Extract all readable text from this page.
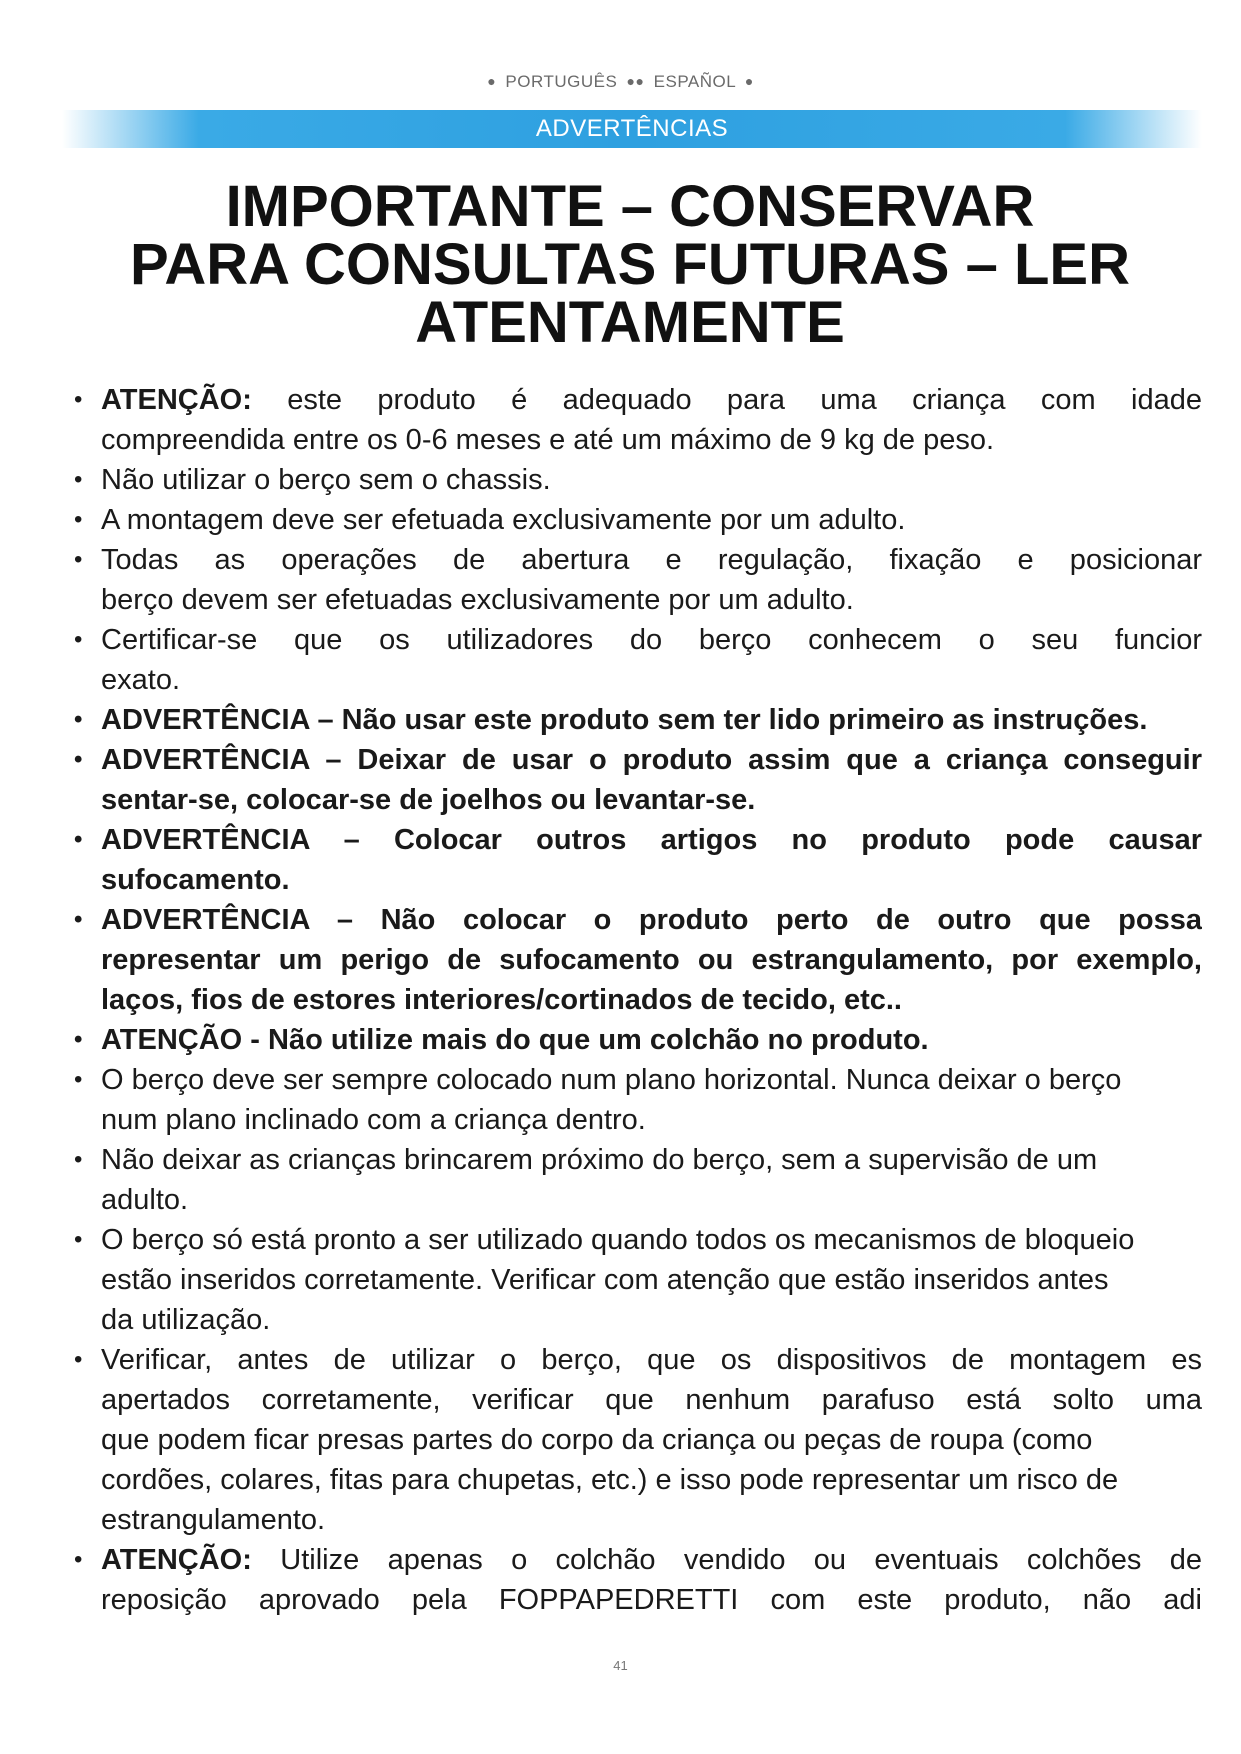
● PORTUGUÊS ●● ESPAÑOL ●
ADVERTÊNCIAS
IMPORTANTE – CONSERVAR
PARA CONSULTAS FUTURAS – LER
ATENTAMENTE
• ATENÇÃO: este produto é adequado para uma criança com idade
compreendida entre os 0-6 meses e até um máximo de 9 kg de peso.
• Não utilizar o berço sem o chassis.
• A montagem deve ser efetuada exclusivamente por um adulto.
• Todas as operações de abertura e regulação, fixação e posicionar
berço devem ser efetuadas exclusivamente por um adulto.
• Certificar-se que os utilizadores do berço conhecem o seu funcior
exato.
• ADVERTÊNCIA – Não usar este produto sem ter lido primeiro as instruções.
• ADVERTÊNCIA – Deixar de usar o produto assim que a criança conseguir
sentar-se, colocar-se de joelhos ou levantar-se.
• ADVERTÊNCIA – Colocar outros artigos no produto pode causar
sufocamento.
• ADVERTÊNCIA – Não colocar o produto perto de outro que possa
representar um perigo de sufocamento ou estrangulamento, por exemplo,
laços, fios de estores interiores/cortinados de tecido, etc..
• ATENÇÃO - Não utilize mais do que um colchão no produto.
• O berço deve ser sempre colocado num plano horizontal. Nunca deixar o berço
num plano inclinado com a criança dentro.
• Não deixar as crianças brincarem próximo do berço, sem a supervisão de um
adulto.
• O berço só está pronto a ser utilizado quando todos os mecanismos de bloqueio
estão inseridos corretamente. Verificar com atenção que estão inseridos antes
da utilização.
• Verificar, antes de utilizar o berço, que os dispositivos de montagem es
apertados corretamente, verificar que nenhum parafuso está solto uma
que podem ficar presas partes do corpo da criança ou peças de roupa (como
cordões, colares, fitas para chupetas, etc.) e isso pode representar um risco de
estrangulamento.
• ATENÇÃO: Utilize apenas o colchão vendido ou eventuais colchões de
reposição aprovado pela FOPPAPEDRETTI com este produto, não adi
41
